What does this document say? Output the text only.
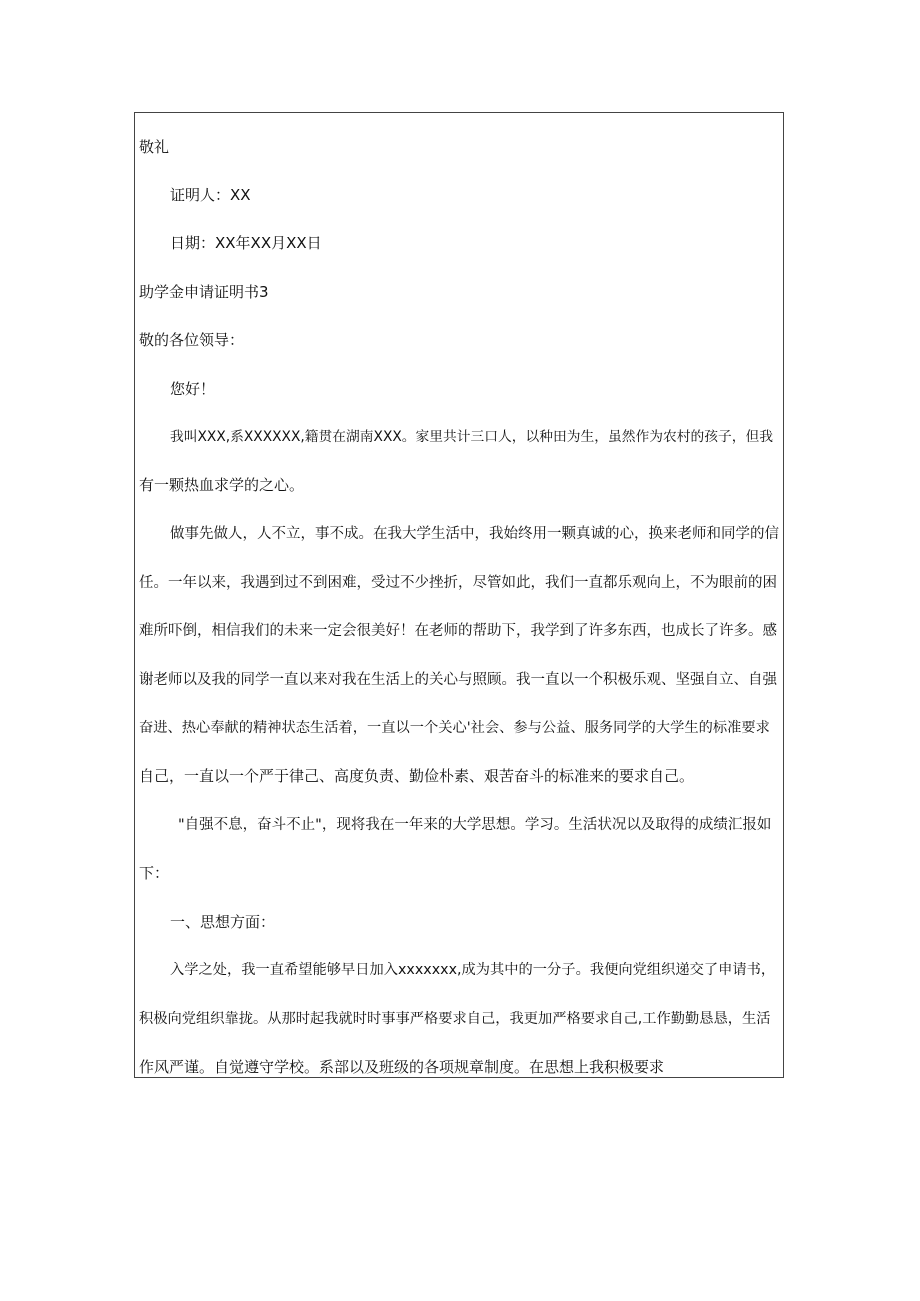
敬礼
证明人：XX
日期：XX年XX月XX日
助学金申请证明书3
敬的各位领导：
您好！
我叫XXX,系XXXXXX,籍贯在湖南XXX。家里共计三口人，以种田为生，虽然作为农村的孩子，但我
有一颗热血求学的之心。
做事先做人，人不立，事不成。在我大学生活中，我始终用一颗真诚的心，换来老师和同学的信
任。一年以来，我遇到过不到困难，受过不少挫折，尽管如此，我们一直都乐观向上，不为眼前的困
难所吓倒，相信我们的未来一定会很美好！在老师的帮助下，我学到了许多东西，也成长了许多。感
谢老师以及我的同学一直以来对我在生活上的关心与照顾。我一直以一个积极乐观、坚强自立、自强
奋进、热心奉献的精神状态生活着，一直以一个关心'社会、参与公益、服务同学的大学生的标准要求
自己，一直以一个严于律己、高度负责、勤俭朴素、艰苦奋斗的标准来的要求自己。
"自强不息，奋斗不止"，现将我在一年来的大学思想。学习。生活状况以及取得的成绩汇报如
下：
一、思想方面：
入学之处，我一直希望能够早日加入xxxxxxx,成为其中的一分子。我便向党组织递交了申请书，
积极向党组织靠拢。从那时起我就时时事事严格要求自己，我更加严格要求自己,工作勤勤恳恳，生活
作风严谨。自觉遵守学校。系部以及班级的各项规章制度。在思想上我积极要求
